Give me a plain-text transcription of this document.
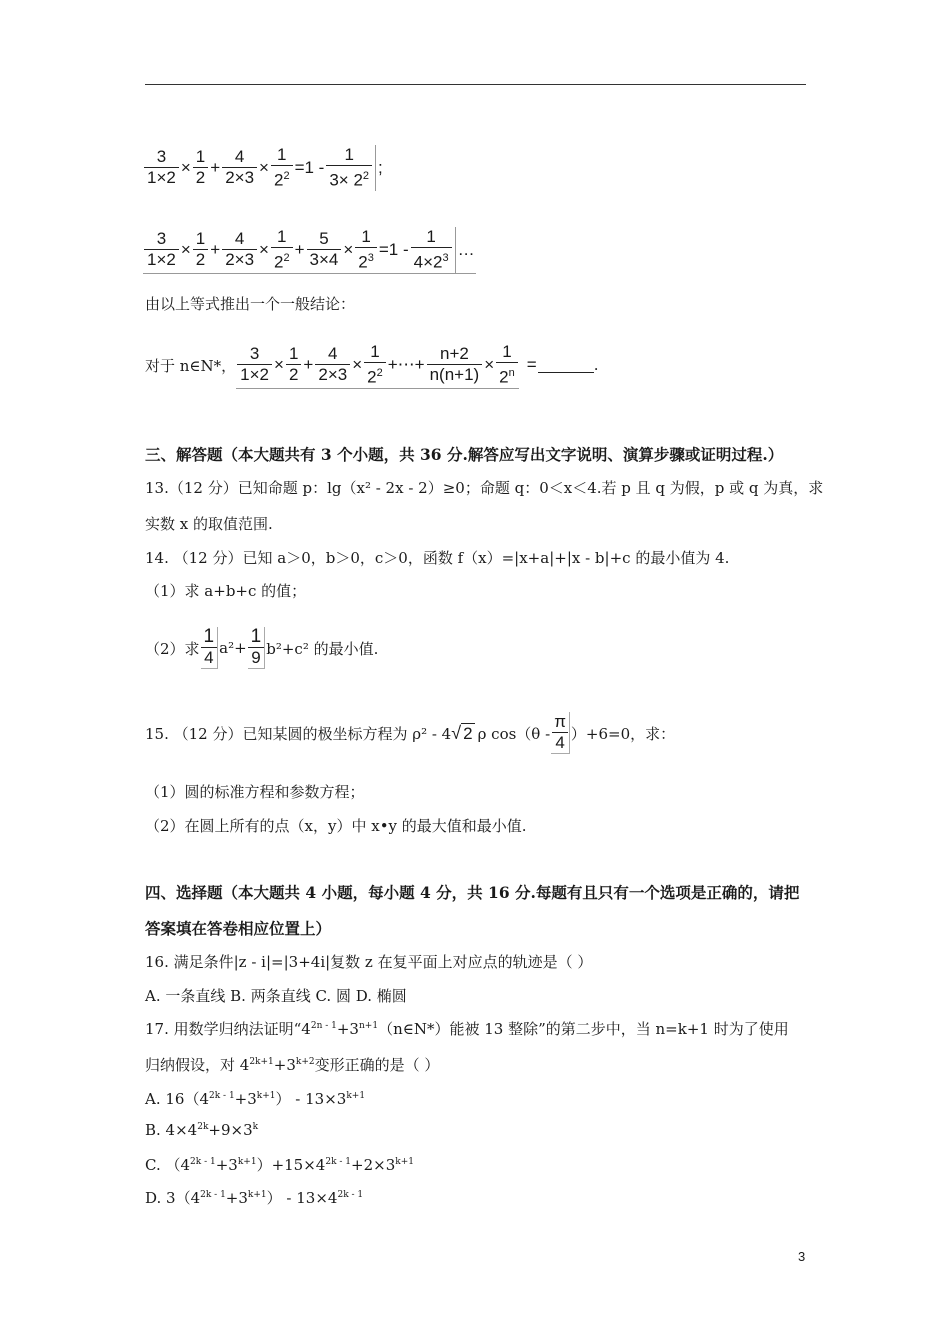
$\frac{3}{1\times 2} \times \frac{1}{2} + \frac{4}{2\times 3} \times \frac{1}{2^2} =1 - \frac{1}{3\times 2^2}$ ;
$\frac{3}{1\times 2} \times \frac{1}{2} + \frac{4}{2\times 3} \times \frac{1}{2^2} + \frac{5}{3\times 4} \times \frac{1}{2^3} =1 - \frac{1}{4\times 2^3}$ …
由以上等式推出一个一般结论：
对于 n∈N*， $\frac{3}{1\times 2} \times \frac{1}{2} + \frac{4}{2\times 3} \times \frac{1}{2^2}$ +⋯+ $\frac{n+2}{n(n+1)} \times \frac{1}{2^n}$ =	.
三、解答题（本大题共有 3 个小题，共 36 分.解答应写出文字说明、演算步骤或证明过程.）
13.（12 分）已知命题 p：lg（x² - 2x - 2）≥0；命题 q：0＜x＜4.若 p 且 q 为假，p 或 q 为真，求
实数 x 的取值范围.
14. （12 分）已知 a＞0，b＞0，c＞0，函数 f（x）=|x+a|+|x - b|+c 的最小值为 4.
（1）求 a+b+c 的值；
（2）求 $\frac{1}{4} a^2+ \frac{1}{9} b^2+c^2$ 的最小值.
15. （12 分）已知某圆的极坐标方程为 ρ² - 4 √ 2 ρ $\cos(\theta - \frac{\pi}{4} )+6=0$，求：
（1）圆的标准方程和参数方程；
（2）在圆上所有的点（x，y）中 x•y 的最大值和最小值.
四、选择题（本大题共 4 小题，每小题 4 分，共 16 分.每题有且只有一个选项是正确的，请把
答案填在答卷相应位置上）
16. 满足条件|z - i|=|3+4i|复数 z 在复平面上对应点的轨迹是（ ）
A. 一条直线 B. 两条直线 C. 圆 D. 椭圆
17. 用数学归纳法证明“$4^{2n - 1}+3^{n+1}(n\in N*)$能被 13 整除”的第二步中，当 n=k+1 时为了使用
归纳假设，对 $4^{2k+1}+3^{k+2}$变形正确的是（ ）
A. $16(4^{2k - 1}+3^{k+1}) - 13\times 3^{k+1}$
B. $4\times 4^{2k}+9\times 3^k$
C. $(4^{2k - 1}+3^{k+1})+15\times 4^{2k - 1}+2\times 3^{k+1}$
D. $3(4^{2k - 1}+3^{k+1}) - 13\times 4^{2k - 1}$
3
